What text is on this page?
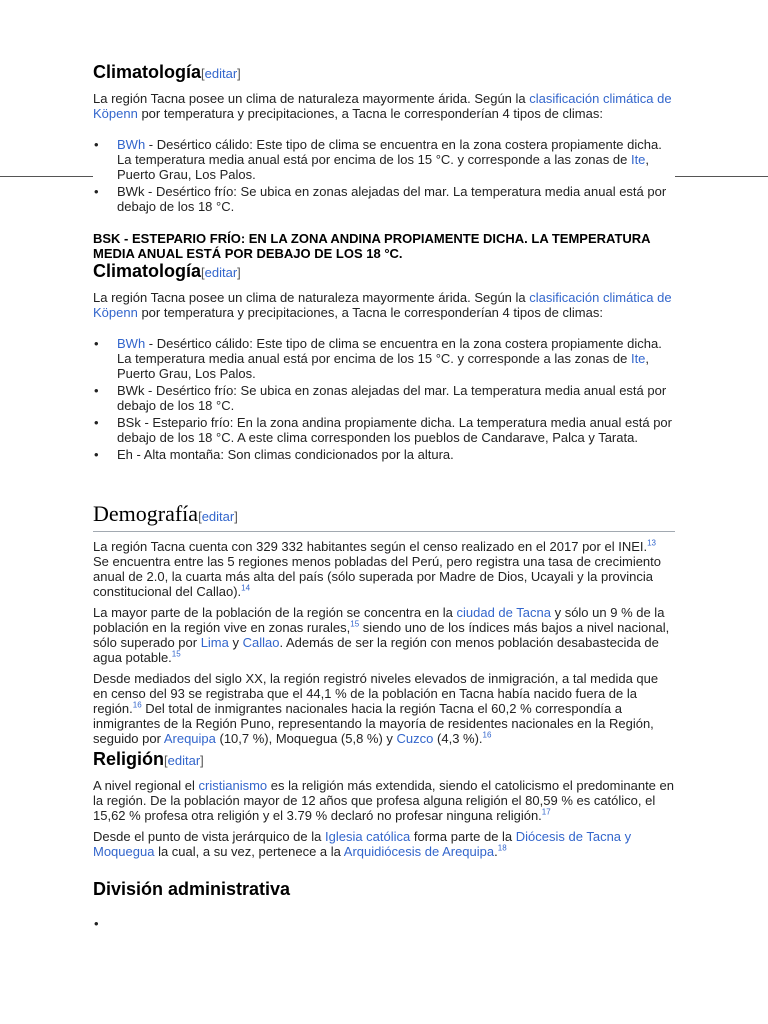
Climatología[editar]

La región Tacna posee un clima de naturaleza mayormente árida. Según la clasificación climática de Köpenn por temperatura y precipitaciones, a Tacna le corresponderían 4 tipos de climas:

• BWh - Desértico cálido: Este tipo de clima se encuentra en la zona costera propiamente dicha. La temperatura media anual está por encima de los 15 °C. y corresponde a las zonas de Ite, Puerto Grau, Los Palos.
• BWk - Desértico frío: Se ubica en zonas alejadas del mar. La temperatura media anual está por debajo de los 18 °C.
BSK - ESTEPARIO FRÍO: EN LA ZONA ANDINA PROPIAMENTE DICHA. LA TEMPERATURA MEDIA ANUAL ESTÁ POR DEBAJO DE LOS 18 °C.
Climatología[editar]

La región Tacna posee un clima de naturaleza mayormente árida. Según la clasificación climática de Köpenn por temperatura y precipitaciones, a Tacna le corresponderían 4 tipos de climas:

• BWh - Desértico cálido: Este tipo de clima se encuentra en la zona costera propiamente dicha. La temperatura media anual está por encima de los 15 °C. y corresponde a las zonas de Ite, Puerto Grau, Los Palos.
• BWk - Desértico frío: Se ubica en zonas alejadas del mar. La temperatura media anual está por debajo de los 18 °C.
• BSk - Estepario frío: En la zona andina propiamente dicha. La temperatura media anual está por debajo de los 18 °C. A este clima corresponden los pueblos de Candarave, Palca y Tarata.
• Eh - Alta montaña: Son climas condicionados por la altura.
Demografía[editar]

La región Tacna cuenta con 329 332 habitantes según el censo realizado en el 2017 por el INEI.$^{13}$ Se encuentra entre las 5 regiones menos pobladas del Perú, pero registra una tasa de crecimiento anual de 2.0, la cuarta más alta del país (sólo superada por Madre de Dios, Ucayali y la provincia constitucional del Callao).$^{14}$

La mayor parte de la población de la región se concentra en la ciudad de Tacna y sólo un 9 % de la población en la región vive en zonas rurales,$^{15}$ siendo uno de los índices más bajos a nivel nacional, sólo superado por Lima y Callao. Además de ser la región con menos población desabastecida de agua potable.$^{15}$

Desde mediados del siglo XX, la región registró niveles elevados de inmigración, a tal medida que en censo del 93 se registraba que el 44,1 % de la población en Tacna había nacido fuera de la región.$^{16}$ Del total de inmigrantes nacionales hacia la región Tacna el 60,2 % correspondía a inmigrantes de la Región Puno, representando la mayoría de residentes nacionales en la Región, seguido por Arequipa (10,7 %), Moquegua (5,8 %) y Cuzco (4,3 %).$^{16}$

Religión[editar]

A nivel regional el cristianismo es la religión más extendida, siendo el catolicismo el predominante en la región. De la población mayor de 12 años que profesa alguna religión el 80,59 % es católico, el 15,62 % profesa otra religión y el 3.79 % declaró no profesar ninguna religión.$^{17}$

Desde el punto de vista jerárquico de la Iglesia católica forma parte de la Diócesis de Tacna y Moquegua la cual, a su vez, pertenece a la Arquidiócesis de Arequipa.$^{18}$

División administrativa
•
